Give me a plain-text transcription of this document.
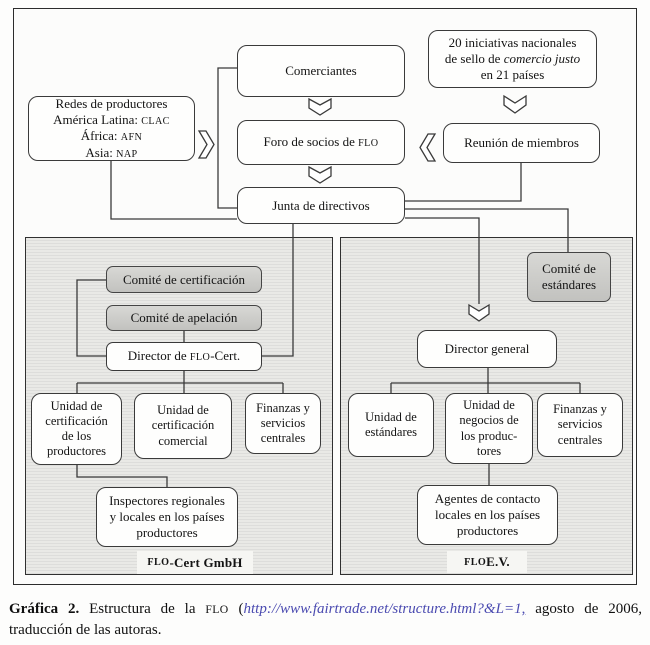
Comerciantes
20 iniciativas nacionales
de sello de comercio justo
en 21 países
Redes de productores
América Latina: CLAC
África: AFN
Asia: NAP
Foro de socios de FLO	Reunión de miembros
Junta de directivos
Comité de certificación
Comité de apelación
Director de FLO-Cert.
Unidad de
certificación
de los
productores
Unidad de
certificación
comercial
Finanzas y
servicios
centrales
Inspectores regionales
y locales en los países
productores
FLO -Cert GmbH
Comité de
estándares
Director general
Unidad de
estándares
Unidad de
negocios de
los produc-
tores
Finanzas y
servicios
centrales
Agentes de contacto
locales en los países
productores
FLO E.V.
Gráfica 2. Estructura de la FLO (http://www.fairtrade.net/structure.html?&L=1, agosto de 2006,
traducción de las autoras.
